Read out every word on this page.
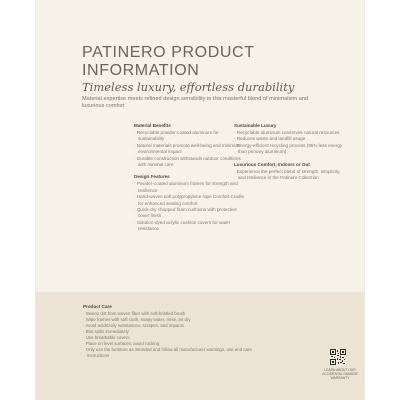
PATINERO PRODUCT
INFORMATION

Timeless luxury, effortless durability

Material expertise meets refined design sensibility in this masterful blend of minimalism and luxurious comfort

Material Benefits

· Recyclable powder-coated aluminum for sustainability
· Natural materials promote well-being and minimize environmental impact
· Durable construction withstands outdoor conditions with minimal care

Design Features

· Powder-coated aluminum frames for strength and resilience
· Hand-woven soft polypropylene rope Comfort Cradle for enhanced seating comfort
· Quick-dry chopped foam cushions with protective cover finish
· Solution-dyed acrylic cushion covers for water resistance

Sustainable Luxury

· Recyclable aluminum conserves natural resources
· Reduces waste and landfill usage
· Energy-efficient recycling process (95% less energy than primary aluminum)

Luxurious Comfort, Indoors or Out

· Experience the perfect blend of strength, simplicity, and resilience in the Patinero Collection

Product Care

· Sweep dirt from woven fiber with soft-bristled brush
· Wipe frames with soft cloth, soapy water, rinse, air dry
· Avoid acidic/oily substances, scrapes, and impacts
· Blot spills immediately
· Use breathable covers
· Place on level surfaces; avoid rocking
· Only use the furniture as intended and follow all manufacturer warnings, use and care instructions
LEARN ABOUT OUR ACCIDENTAL DAMAGE WARRANTY
